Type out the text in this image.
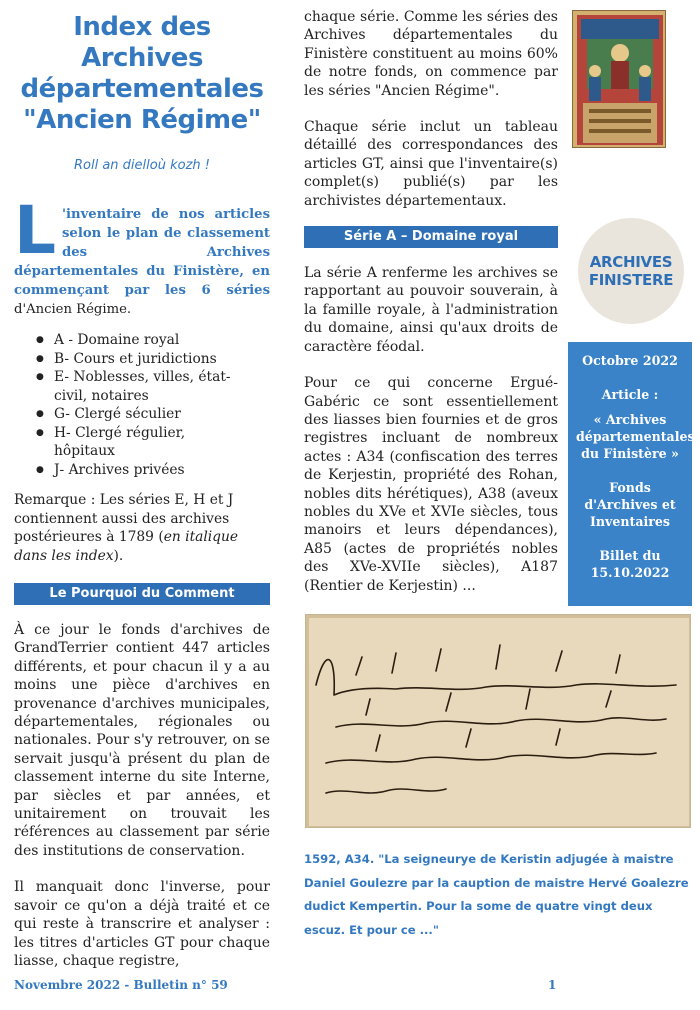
Index des Archives
départementales
"Ancien Régime"
Roll an dielloù kozh !
L 'inventaire de nos articles selon le plan de classement des Archives départementales du Finistère, en commençant par les 6 séries d'Ancien Régime.
● A - Domaine royal
● B- Cours et juridictions
● E- Noblesses, villes, état-civil, notaires
● G- Clergé séculier
● H- Clergé régulier, hôpitaux
● J- Archives privées

Remarque : Les séries E, H et J contiennent aussi des archives postérieures à 1789 (en italique dans les index).

Le Pourquoi du Comment

À ce jour le fonds d'archives de GrandTerrier contient 447 articles différents, et pour chacun il y a au moins une pièce d'archives en provenance d'archives municipales, départementales, régionales ou nationales. Pour s'y retrouver, on se servait jusqu'à présent du plan de classement interne du site Interne, par siècles et par années, et unitairement on trouvait les références au classement par série des institutions de conservation.

Il manquait donc l'inverse, pour savoir ce qu'on a déjà traité et ce qui reste à transcrire et analyser : les titres d'articles GT pour chaque liasse, chaque registre,

chaque série. Comme les séries des Archives départementales du Finistère constituent au moins 60% de notre fonds, on commence par les séries "Ancien Régime".

Chaque série inclut un tableau détaillé des correspondances des articles GT, ainsi que l'inventaire(s) complet(s) publié(s) par les archivistes départementaux.

Série A – Domaine royal

La série A renferme les archives se rapportant au pouvoir souverain, à la famille royale, à l'administration du domaine, ainsi qu'aux droits de caractère féodal.

Pour ce qui concerne Ergué-Gabéric ce sont essentiellement des liasses bien fournies et de gros registres incluant de nombreux actes : A34 (confiscation des terres de Kerjestin, propriété des Rohan, nobles dits hérétiques), A38 (aveux nobles du XVe et XVIe siècles, tous manoirs et leurs dépendances), A85 (actes de propriétés nobles des XVe-XVIIe siècles), A187 (Rentier de Kerjestin) ...

ARCHIVES
FINISTERE
Octobre 2022
Article :
« Archives départementales du Finistère »
Fonds d'Archives et Inventaires
Billet du 15.10.2022
1592, A34. "La seigneurye de Keristin adjugée à maistre Daniel Goulezre par la cauption de maistre Hervé Goalezre dudict Kempertin. Pour la some de quatre vingt deux escuz. Et pour ce ..."
Novembre 2022 - Bulletin n° 59	1
